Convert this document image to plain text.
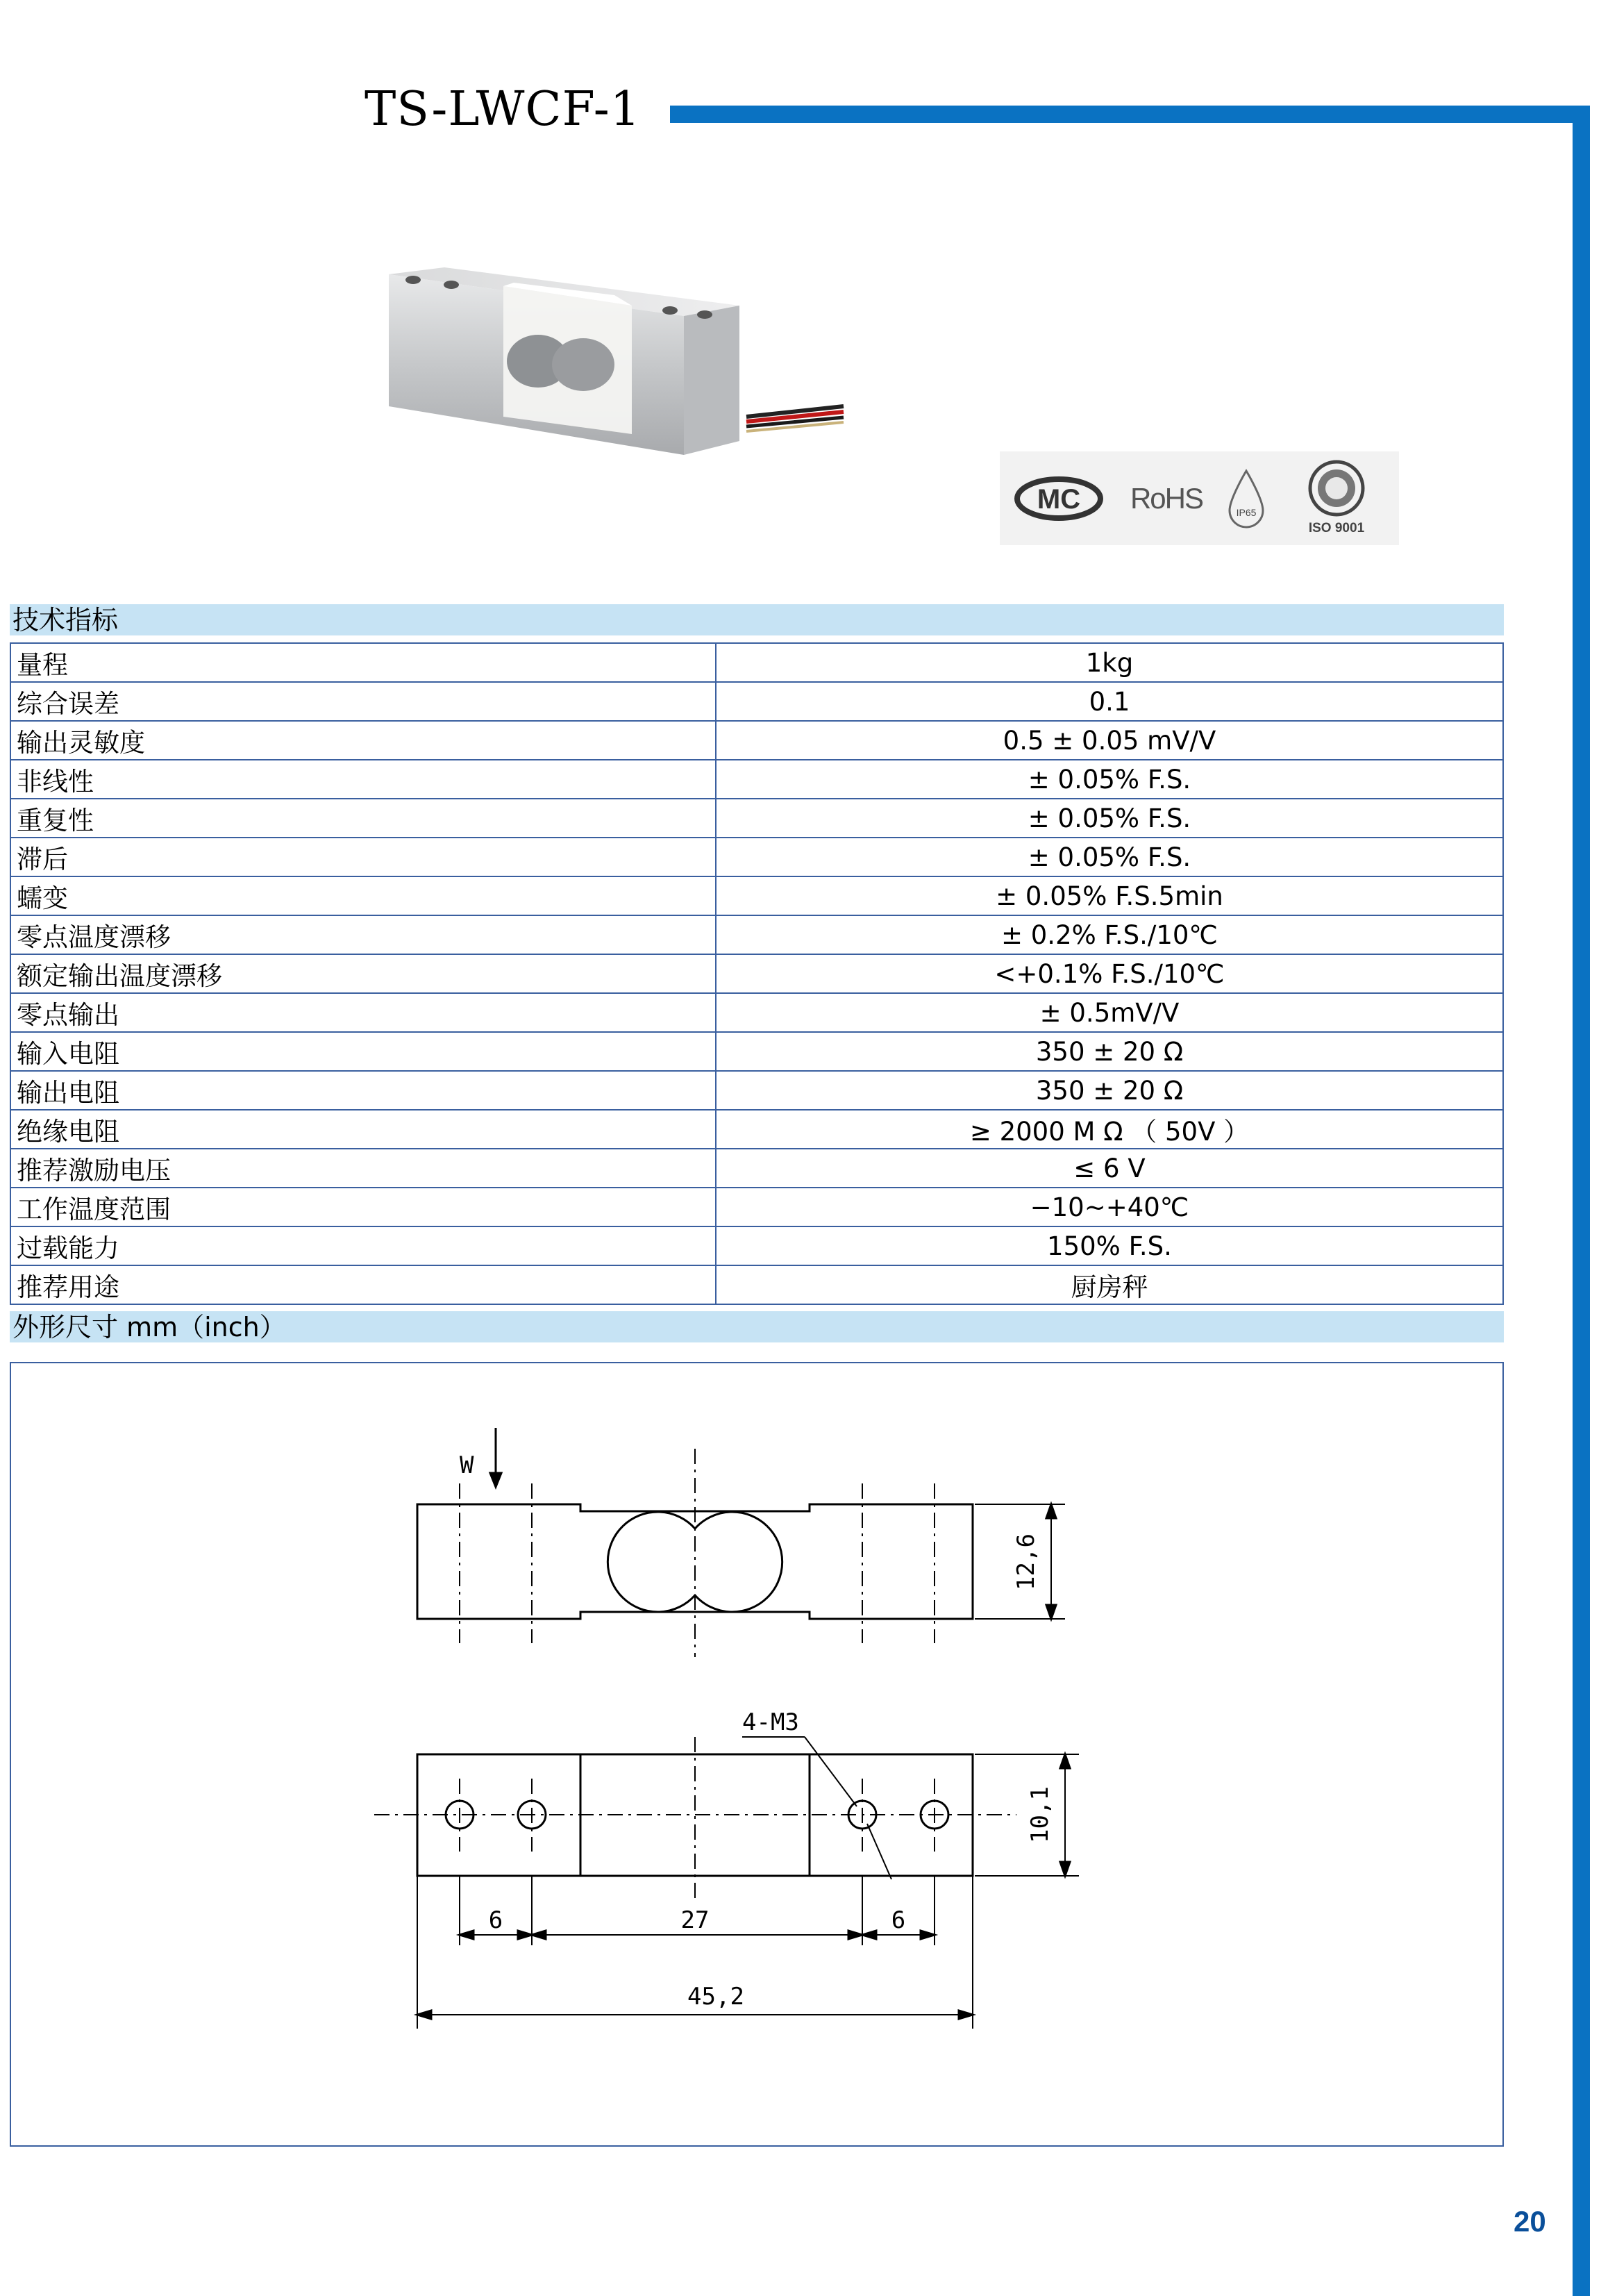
TS-LWCF-1
MC RoHS	IP65
ISO 9001
技术指标
量程	1kg
综合误差	0.1
输出灵敏度	0.5 ± 0.05 mV/V
非线性	± 0.05% F.S.
重复性	± 0.05% F.S.
滞后	± 0.05% F.S.
蠕变	± 0.05% F.S.5min
零点温度漂移	± 0.2% F.S./10℃
额定输出温度漂移	<+0.1% F.S./10℃
零点输出	± 0.5mV/V
输入电阻	350 ± 20 Ω
输出电阻	350 ± 20 Ω
绝缘电阻	≥ 2000 M Ω （ 50V ）
推荐激励电压	≤ 6 V
工作温度范围	−10~+40℃
过载能力	150% F.S.
推荐用途	厨房秤
外形尺寸 mm（inch）
W
12,6
4-M3
10,1
6	27	6
45,2
20
